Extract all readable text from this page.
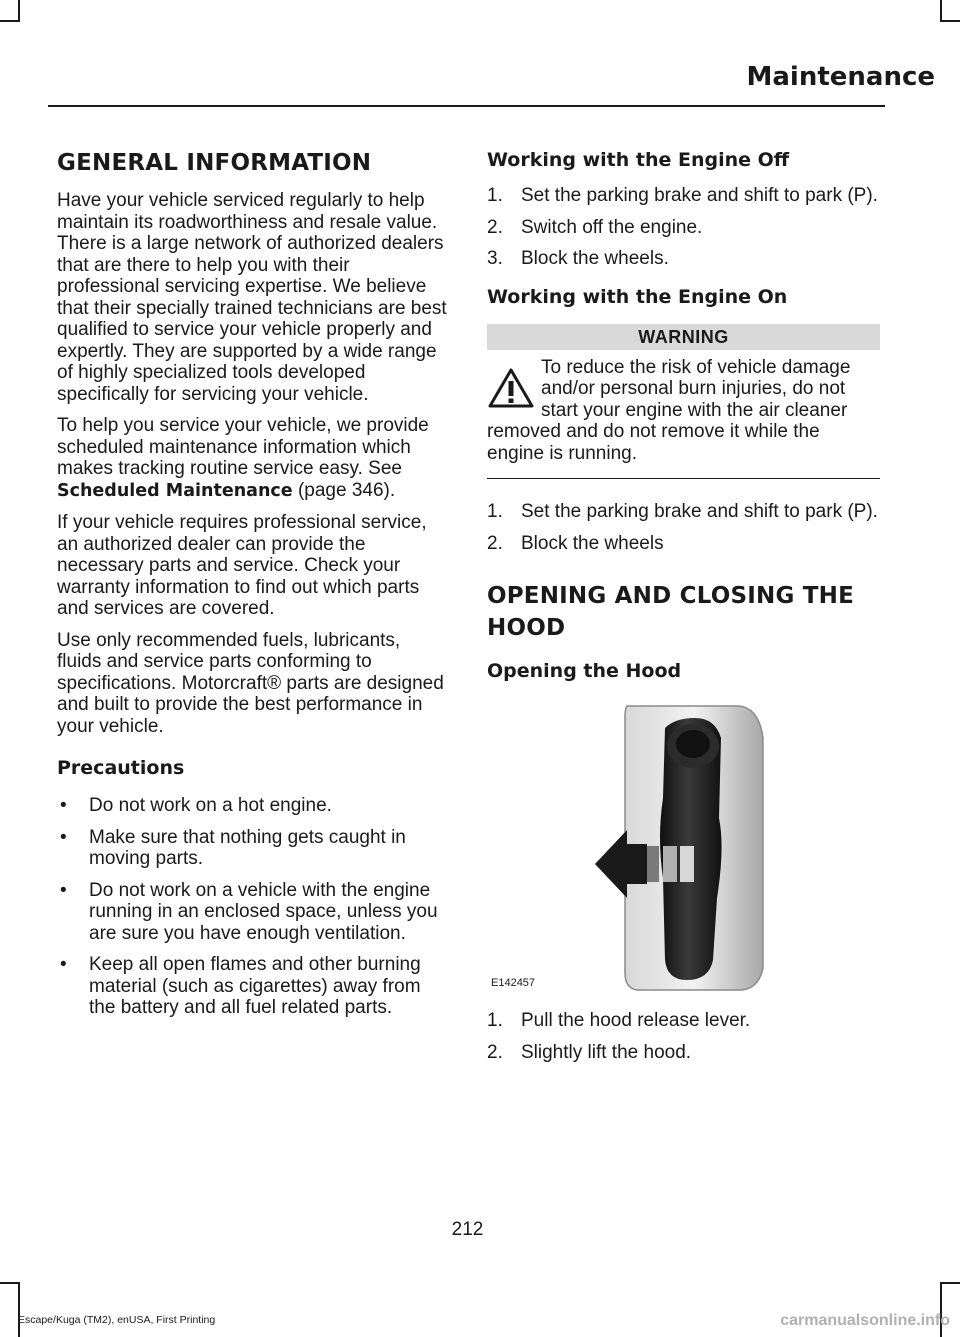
Maintenance
GENERAL INFORMATION

Have your vehicle serviced regularly to help maintain its roadworthiness and resale value. There is a large network of authorized dealers that are there to help you with their professional servicing expertise. We believe that their specially trained technicians are best qualified to service your vehicle properly and expertly. They are supported by a wide range of highly specialized tools developed specifically for servicing your vehicle.

To help you service your vehicle, we provide scheduled maintenance information which makes tracking routine service easy. See Scheduled Maintenance (page 346).

If your vehicle requires professional service, an authorized dealer can provide the necessary parts and service. Check your warranty information to find out which parts and services are covered.

Use only recommended fuels, lubricants, fluids and service parts conforming to specifications. Motorcraft® parts are designed and built to provide the best performance in your vehicle.

Precautions
• Do not work on a hot engine.
• Make sure that nothing gets caught in moving parts.
• Do not work on a vehicle with the engine running in an enclosed space, unless you are sure you have enough ventilation.
• Keep all open flames and other burning material (such as cigarettes) away from the battery and all fuel related parts.
Working with the Engine Off
1. Set the parking brake and shift to park (P).
2. Switch off the engine.
3. Block the wheels.
Working with the Engine On
WARNING
To reduce the risk of vehicle damage and/or personal burn injuries, do not start your engine with the air cleaner removed and do not remove it while the engine is running.
1. Set the parking brake and shift to park (P).
2. Block the wheels
OPENING AND CLOSING THE
HOOD
Opening the Hood
E142457
1. Pull the hood release lever.
2. Slightly lift the hood.
212
Escape/Kuga (TM2), enUSA, First Printing	carmanualsonline.info
